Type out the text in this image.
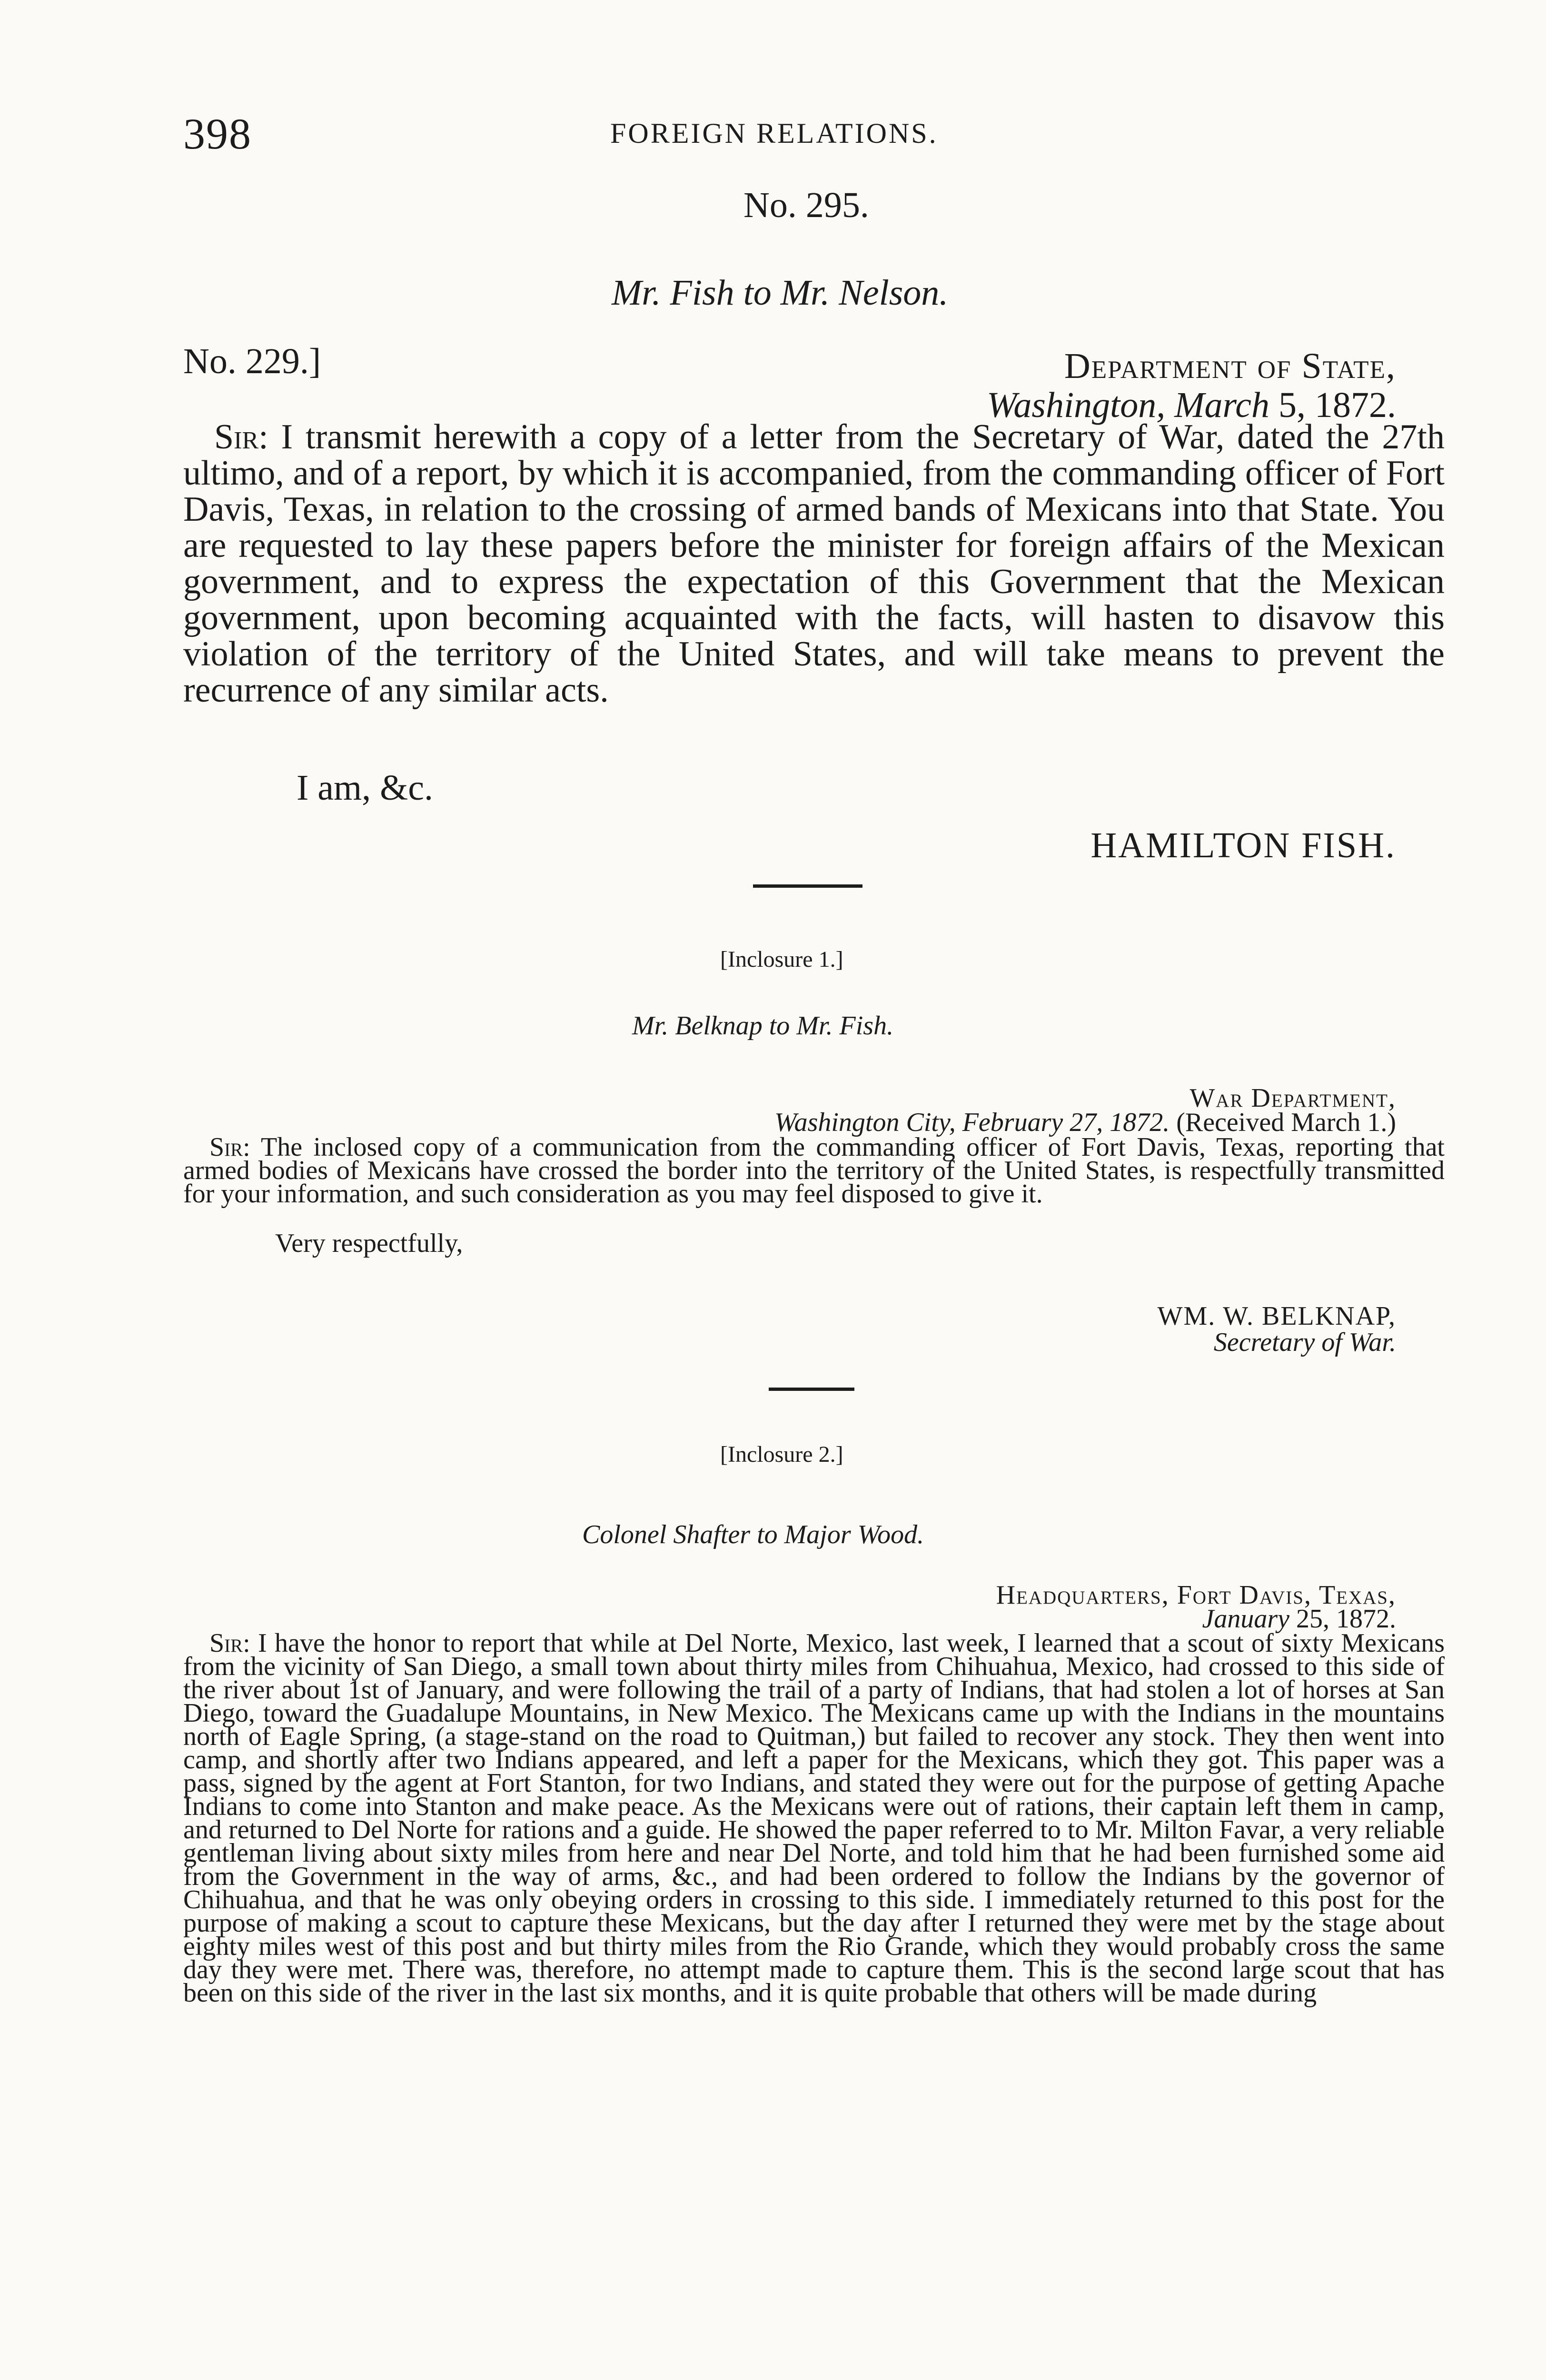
398	FOREIGN RELATIONS.
No. 295.
Mr. Fish to Mr. Nelson.
No. 229.]	Department of State,
Washington, March 5, 1872.

Sir: I transmit herewith a copy of a letter from the Secretary of War, dated the 27th ultimo, and of a report, by which it is accompanied, from the commanding officer of Fort Davis, Texas, in relation to the crossing of armed bands of Mexicans into that State. You are requested to lay these papers before the minister for foreign affairs of the Mexican government, and to express the expectation of this Government that the Mexican government, upon becoming acquainted with the facts, will hasten to disavow this violation of the territory of the United States, and will take means to prevent the recurrence of any similar acts.

I am, &c.
HAMILTON FISH.
[Inclosure 1.]
Mr. Belknap to Mr. Fish.
War Department,
Washington City, February 27, 1872. (Received March 1.)

Sir: The inclosed copy of a communication from the commanding officer of Fort Davis, Texas, reporting that armed bodies of Mexicans have crossed the border into the territory of the United States, is respectfully transmitted for your information, and such consideration as you may feel disposed to give it.

Very respectfully,
WM. W. BELKNAP,
Secretary of War.
[Inclosure 2.]
Colonel Shafter to Major Wood.
Headquarters, Fort Davis, Texas,
January 25, 1872.

Sir: I have the honor to report that while at Del Norte, Mexico, last week, I learned that a scout of sixty Mexicans from the vicinity of San Diego, a small town about thirty miles from Chihuahua, Mexico, had crossed to this side of the river about 1st of January, and were following the trail of a party of Indians, that had stolen a lot of horses at San Diego, toward the Guadalupe Mountains, in New Mexico. The Mexicans came up with the Indians in the mountains north of Eagle Spring, (a stage-stand on the road to Quitman,) but failed to recover any stock. They then went into camp, and shortly after two Indians appeared, and left a paper for the Mexicans, which they got. This paper was a pass, signed by the agent at Fort Stanton, for two Indians, and stated they were out for the purpose of getting Apache Indians to come into Stanton and make peace. As the Mexicans were out of rations, their captain left them in camp, and returned to Del Norte for rations and a guide. He showed the paper referred to to Mr. Milton Favar, a very reliable gentleman living about sixty miles from here and near Del Norte, and told him that he had been furnished some aid from the Government in the way of arms, &c., and had been ordered to follow the Indians by the governor of Chihuahua, and that he was only obeying orders in crossing to this side. I immediately returned to this post for the purpose of making a scout to capture these Mexicans, but the day after I returned they were met by the stage about eighty miles west of this post and but thirty miles from the Rio Grande, which they would probably cross the same day they were met. There was, therefore, no attempt made to capture them. This is the second large scout that has been on this side of the river in the last six months, and it is quite probable that others will be made during
